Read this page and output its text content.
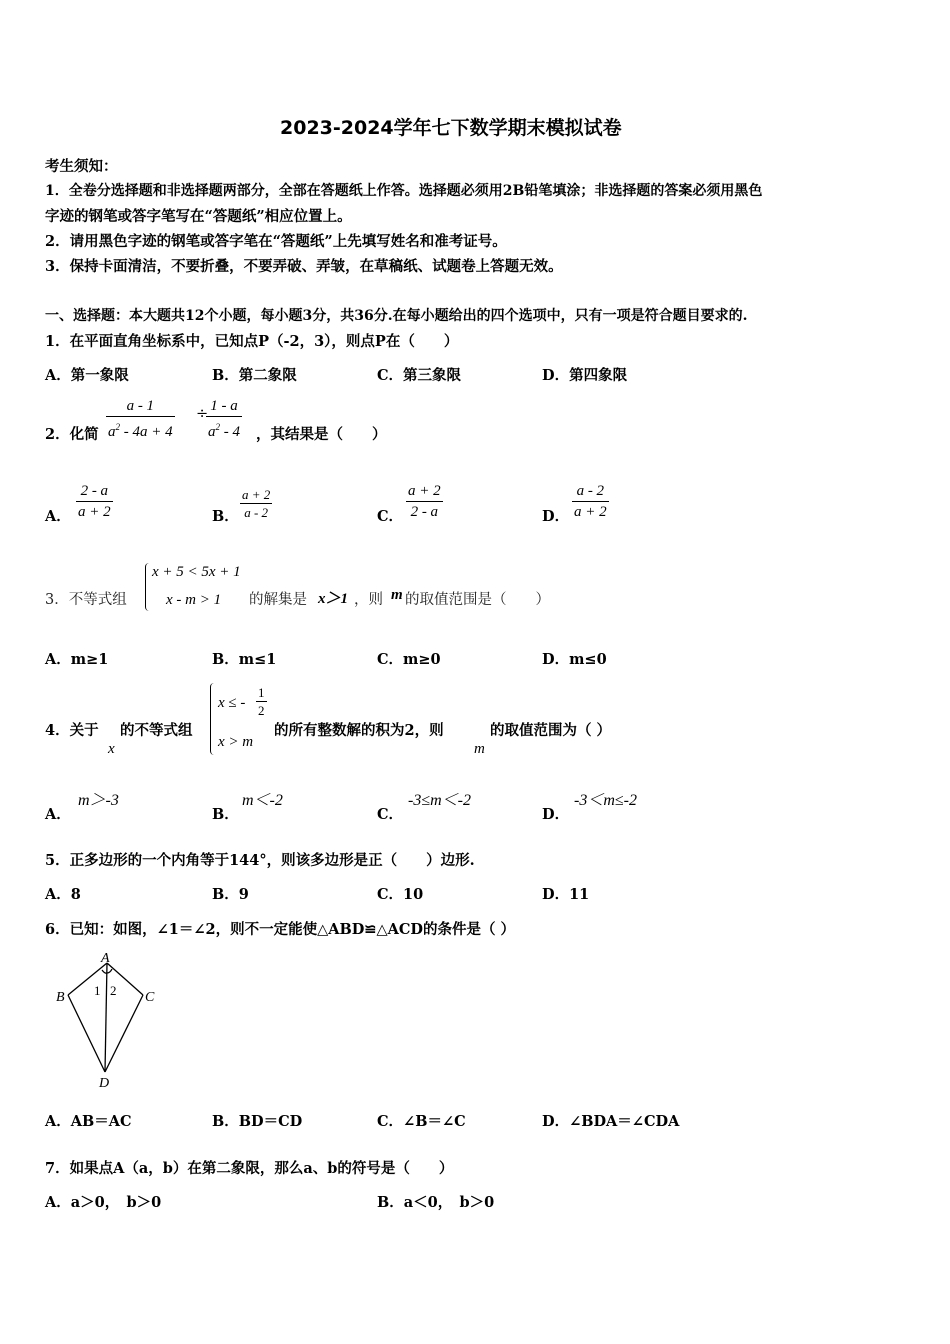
2023-2024学年七下数学期末模拟试卷
考生须知：
1．全卷分选择题和非选择题两部分，全部在答题纸上作答。选择题必须用2B铅笔填涂；非选择题的答案必须用黑色
字迹的钢笔或答字笔写在“答题纸”相应位置上。
2．请用黑色字迹的钢笔或答字笔在“答题纸”上先填写姓名和准考证号。
3．保持卡面清洁，不要折叠，不要弄破、弄皱，在草稿纸、试题卷上答题无效。
一、选择题：本大题共12个小题，每小题3分，共36分.在每小题给出的四个选项中，只有一项是符合题目要求的.
1．在平面直角坐标系中，已知点P（-2，3），则点P在（　　）
A．第一象限	B．第二象限	C．第三象限	D．第四象限
2．化简 $\frac{a - 1}{a^2 - 4a + 4}$ ÷
$\frac{1 - a}{a^2 - 4}$ ，其结果是（　　）
A． $\frac{2 - a}{a + 2}$	B． $\frac{a + 2}{a - 2}$	C． $\frac{a + 2}{2 - a}$	D． $\frac{a - 2}{a + 2}$
3．不等式组
x + 5 < 5x + 1
x - m > 1 的解集是 x＞1 ，则 m 的取值范围是（　　）
A．m≥1	B．m≤1	C．m≥0	D．m≤0
4．关于
x
的不等式组
x ≤ - $\frac{1}{2}$
x > m
的所有整数解的积为2，则
m
的取值范围为（ ）
A．
m＞-3
B．
m＜-2
C．
-3≤m＜-2
D．
-3＜m≤-2
5．正多边形的一个内角等于144°，则该多边形是正（　　）边形.
A．8	B．9	C．10	D．11
6．已知：如图，∠1＝∠2，则不一定能使△ABD≌△ACD的条件是（ ）
A
B	C
D
1 2
A．AB＝AC	B．BD＝CD	C．∠B＝∠C	D．∠BDA＝∠CDA
7．如果点A（a，b）在第二象限，那么a、b的符号是（　　）
A．a＞0，　b＞0	B．a＜0，　b＞0
